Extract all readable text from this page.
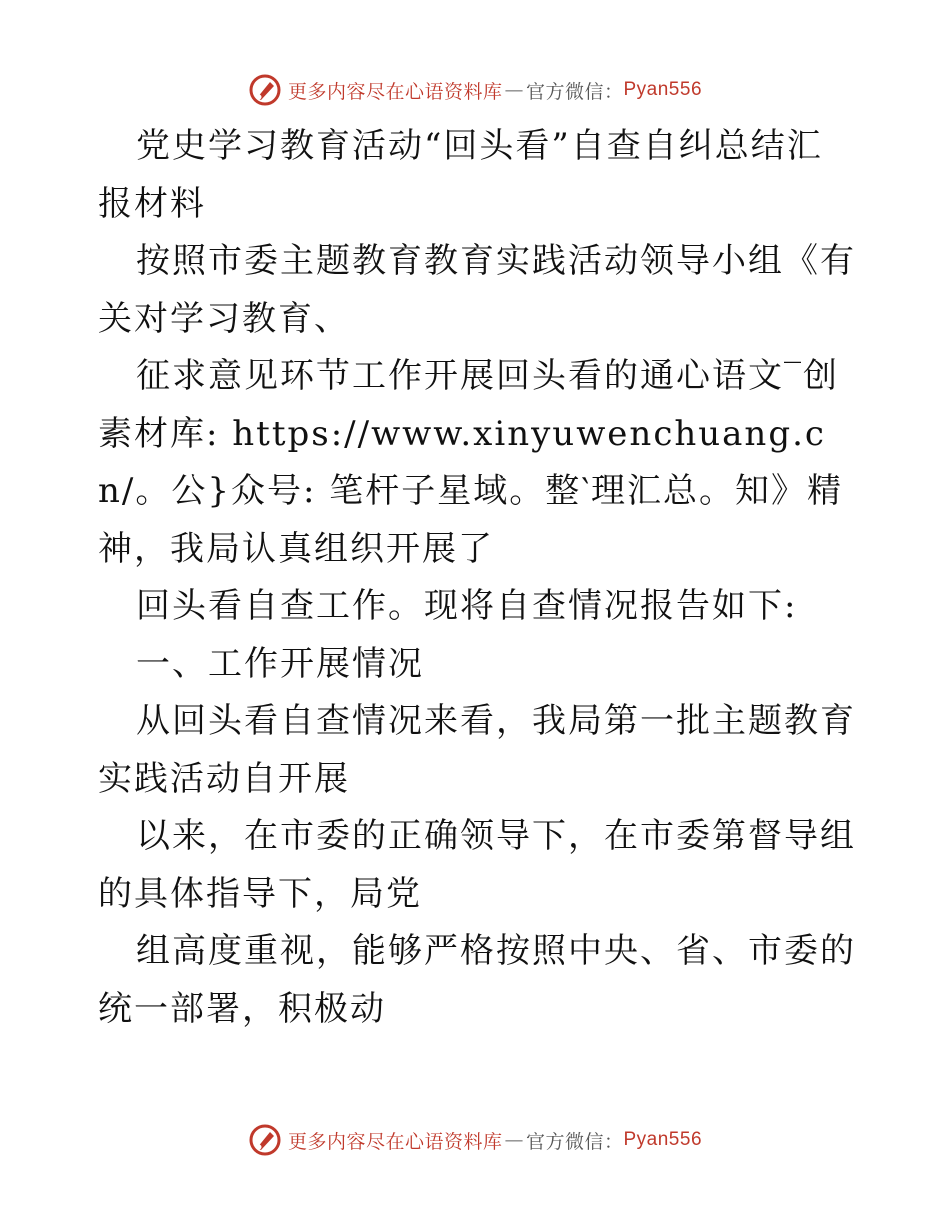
更多内容尽在心语资料库 — 官方微信： Pyan556

党史学习教育活动“回头看”自查自纠总结汇报材料

按照市委主题教育教育实践活动领导小组《有关对学习教育、

征求意见环节工作开展回头看的通心语文‾创素材库: https://www.xinyuwenchuang.cn/。公}众号: 笔杆子星域。整‵理汇总。知》精神，我局认真组织开展了

回头看自查工作。现将自查情况报告如下:

一、工作开展情况

从回头看自查情况来看，我局第一批主题教育实践活动自开展

以来，在市委的正确领导下，在市委第督导组的具体指导下，局党

组高度重视，能够严格按照中央、省、市委的统一部署，积极动

更多内容尽在心语资料库 — 官方微信： Pyan556
